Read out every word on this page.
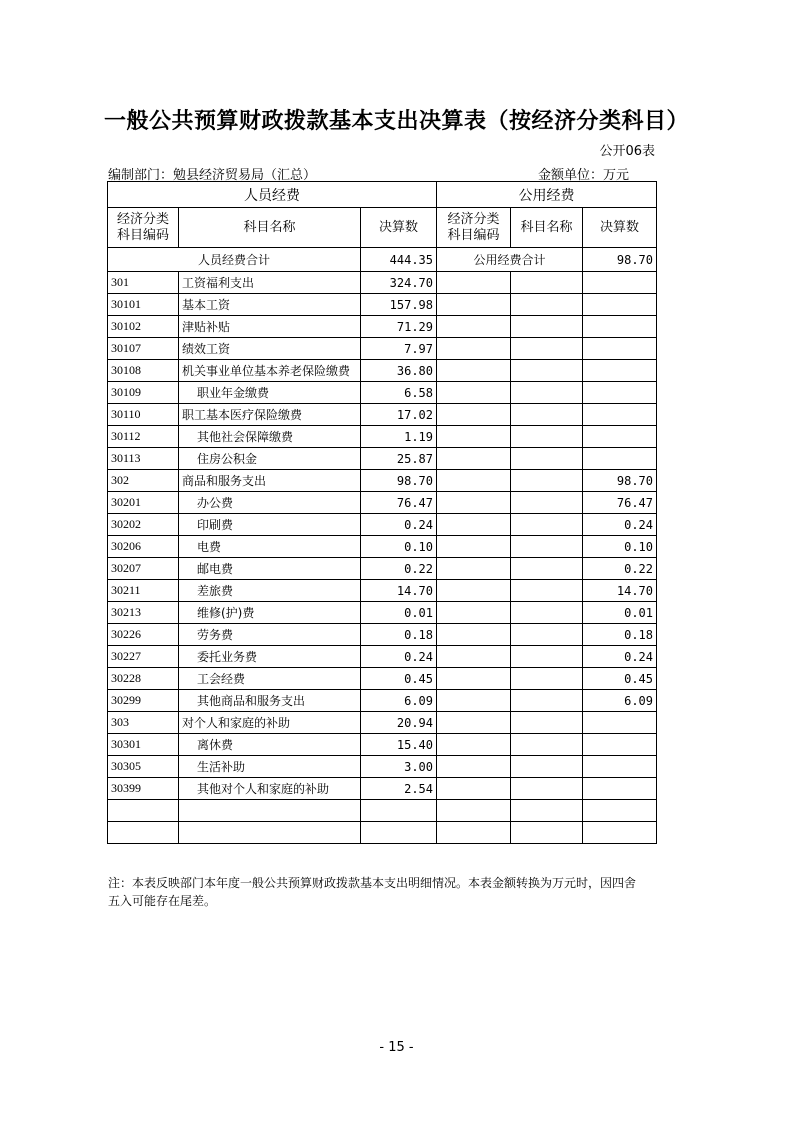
一般公共预算财政拨款基本支出决算表（按经济分类科目）
公开06表
编制部门：勉县经济贸易局（汇总）	金额单位：万元
人员经费			公用经费		
经济分类科目编码	科目名称	决算数	经济分类科目编码	科目名称	决算数
人员经费合计		444.35	公用经费合计		98.70
301	工资福利支出	324.70			
30101	基本工资	157.98			
30102	津贴补贴	71.29			
30107	绩效工资	7.97			
30108	机关事业单位基本养老保险缴费	36.80			
30109	职业年金缴费	6.58			
30110	职工基本医疗保险缴费	17.02			
30112	其他社会保障缴费	1.19			
30113	住房公积金	25.87			
302	商品和服务支出	98.70			98.70
30201	办公费	76.47			76.47
30202	印刷费	0.24			0.24
30206	电费	0.10			0.10
30207	邮电费	0.22			0.22
30211	差旅费	14.70			14.70
30213	维修(护)费	0.01			0.01
30226	劳务费	0.18			0.18
30227	委托业务费	0.24			0.24
30228	工会经费	0.45			0.45
30299	其他商品和服务支出	6.09			6.09
303	对个人和家庭的补助	20.94			
30301	离休费	15.40			
30305	生活补助	3.00			
30399	其他对个人和家庭的补助	2.54			

注：本表反映部门本年度一般公共预算财政拨款基本支出明细情况。本表金额转换为万元时，因四舍五入可能存在尾差。
- 15 -
